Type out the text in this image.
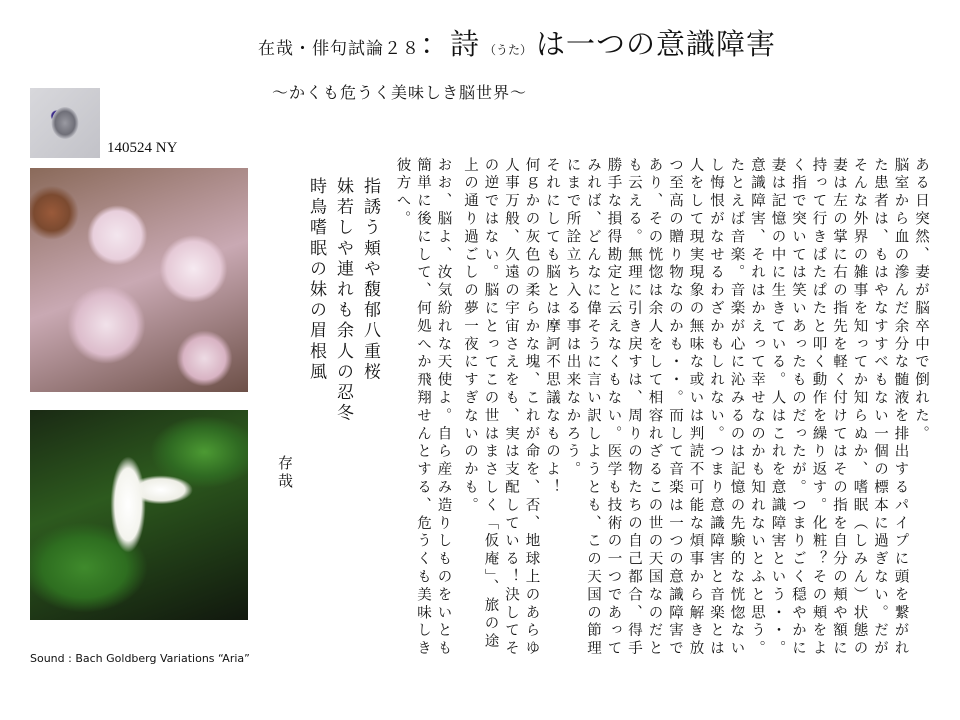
在哉・俳句試論２８：詩 （うた） は一つの意識障害
～かくも危うく美味しき脳世界～
140524 NY
Sound : Bach Goldberg Variations “Aria”
指誘う頬や馥郁八重桜
妹若しや連れも余人の忍冬
時鳥嗜眠の妹の眉根風
存哉
ある日突然、妻が脳卒中で倒れた。
脳室から血の滲んだ余分な髄液を排出するパイプに頭を繋がれ
た患者は、もはやなすすべもない一個の標本に過ぎない。だが
そんな外界の雑事を知ってか知らぬか、嗜眠（しみん）状態の
妻は左の掌に右の指先を軽く付けてはその指を自分の頬や額に
持って行きぱたぱたと叩く動作を繰り返す。化粧？その頬をよ
く指で突いては笑いあったものだったが。つまりごく穏やかに
妻は記憶の中に生きている。人はこれを意識障害という・・。
意識障害、それはかえって幸せなのかも知れないとふと思う。
たとえば音楽。音楽が心に沁みるのは記憶の先験的な恍惚ない
し悔恨がなせるわざかもしれない。つまり意識障害と音楽とは
人をして現実現象の無味な或いは判読不可能な煩事から解き放
つ至高の贈り物なのかも・・。而して音楽は一つの意識障害で
あり、その恍惚は余人をして相容れざるこの世の天国なのだと
も云える。無理に引き戻すは、周りの物たちの自己都合、得手
勝手な損得勘定と云えなくもない。医学も技術の一つであって
みれば、どんなに偉そうに言い訳しようとも、この天国の節理
にまで所詮立ち入る事は出来なかろう。
それにしても脳とは摩訶不思議なものよ！
何ｇかの灰色の柔らかな塊、これが命を、否、地球上のあらゆ
人事万般、久遠の宇宙さえをも、実は支配している！決してそ
の逆ではない。脳にとってこの世はまさしく「仮庵」、旅の途
上の通り過ごしの夢一夜にすぎないのかも。
おお、脳よ、汝気紛れな天使よ。自ら産み造りしものをいとも
簡単に後にして、何処へか飛翔せんとする、危うくも美味しき
彼方へ。
